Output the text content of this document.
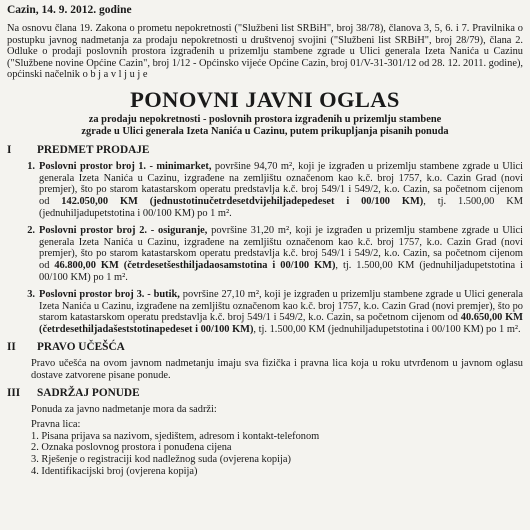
Cazin, 14. 9. 2012. godine

Na osnovu člana 19. Zakona o prometu nepokretnosti ("Službeni list SRBiH", broj 38/78), članova 3, 5, 6. i 7. Pravilnika o postupku javnog nadmetanja za prodaju nepokretnosti u društvenoj svojini ("Službeni list SRBiH", broj 28/79), člana 2. Odluke o prodaji poslovnih prostora izgrađenih u prizemlju stambene zgrade u Ulici generala Izeta Nanića u Cazinu ("Službene novine Općine Cazin", broj 1/12 - Općinsko vijeće Općine Cazin, broj 01/V-31-301/12 od 28. 12. 2011. godine), općinski načelnik o b j a v l j u j e

PONOVNI JAVNI OGLAS
za prodaju nepokretnosti - poslovnih prostora izgrađenih u prizemlju stambene
zgrade u Ulici generala Izeta Nanića u Cazinu, putem prikupljanja pisanih ponuda
I	PREDMET PRODAJE
1. Poslovni prostor broj 1. - minimarket, površine 94,70 m², koji je izgrađen u prizemlju stambene zgrade u Ulici generala Izeta Nanića u Cazinu, izgrađene na zemljištu označenom kao k.č. broj 1757, k.o. Cazin Grad (novi premjer), što po starom katastarskom operatu predstavlja k.č. broj 549/1 i 549/2, k.o. Cazin, sa početnom cijenom od 142.050,00 KM (jednustotinučetrdesetdvijehiljadepedeset i 00/100 KM), tj. 1.500,00 KM (jednuhiljadupetstotina i 00/100 KM) po 1 m².
2. Poslovni prostor broj 2. - osiguranje, površine 31,20 m², koji je izgrađen u prizemlju stambene zgrade u Ulici generala Izeta Nanića u Cazinu, izgrađene na zemljištu označenom kao k.č. broj 1757, k.o. Cazin Grad (novi premjer), što po starom katastarskom operatu predstavlja k.č. broj 549/1 i 549/2, k.o. Cazin, sa početnom cijenom od 46.800,00 KM (četrdesetšesthiljadaosamstotina i 00/100 KM), tj. 1.500,00 KM (jednuhiljadupetstotina i 00/100 KM) po 1 m².
3. Poslovni prostor broj 3. - butik, površine 27,10 m², koji je izgrađen u prizemlju stambene zgrade u Ulici generala Izeta Nanića u Cazinu, izgrađene na zemljištu označenom kao k.č. broj 1757, k.o. Cazin Grad (novi premjer), što po starom katastarskom operatu predstavlja k.č. broj 549/1 i 549/2, k.o. Cazin, sa početnom cijenom od 40.650,00 KM (četrdesethiljadašeststotinapedeset i 00/100 KM), tj. 1.500,00 KM (jednuhiljadupetstotina i 00/100 KM) po 1 m².
II	PRAVO UČEŠĆA

Pravo učešća na ovom javnom nadmetanju imaju sva fizička i pravna lica koja u roku utvrđenom u javnom oglasu dostave zatvorene pisane ponude.

III	SADRŽAJ PONUDE

Ponuda za javno nadmetanje mora da sadrži:

Pravna lica:

1. Pisana prijava sa nazivom, sjedištem, adresom i kontakt-telefonom
2. Oznaka poslovnog prostora i ponuđena cijena
3. Rješenje o registraciji kod nadležnog suda (ovjerena kopija)
4. Identifikacijski broj (ovjerena kopija)
